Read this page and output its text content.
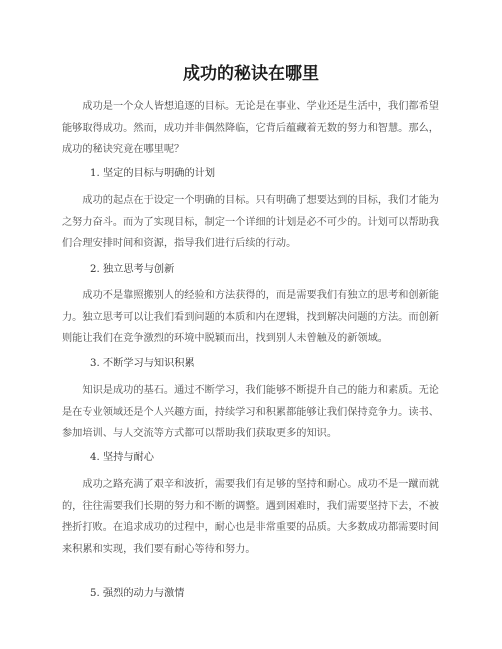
成功的秘诀在哪里

成功是一个众人皆想追逐的目标。无论是在事业、学业还是生活中，我们都希望能够取得成功。然而，成功并非偶然降临，它背后蕴藏着无数的努力和智慧。那么，成功的秘诀究竟在哪里呢？

1. 坚定的目标与明确的计划

成功的起点在于设定一个明确的目标。只有明确了想要达到的目标，我们才能为之努力奋斗。而为了实现目标，制定一个详细的计划是必不可少的。计划可以帮助我们合理安排时间和资源，指导我们进行后续的行动。

2. 独立思考与创新

成功不是靠照搬别人的经验和方法获得的，而是需要我们有独立的思考和创新能力。独立思考可以让我们看到问题的本质和内在逻辑，找到解决问题的方法。而创新则能让我们在竞争激烈的环境中脱颖而出，找到别人未曾触及的新领域。

3. 不断学习与知识积累

知识是成功的基石。通过不断学习，我们能够不断提升自己的能力和素质。无论是在专业领域还是个人兴趣方面，持续学习和积累都能够让我们保持竞争力。读书、参加培训、与人交流等方式都可以帮助我们获取更多的知识。

4. 坚持与耐心

成功之路充满了艰辛和波折，需要我们有足够的坚持和耐心。成功不是一蹴而就的，往往需要我们长期的努力和不断的调整。遇到困难时，我们需要坚持下去，不被挫折打败。在追求成功的过程中，耐心也是非常重要的品质。大多数成功都需要时间来积累和实现，我们要有耐心等待和努力。

5. 强烈的动力与激情
